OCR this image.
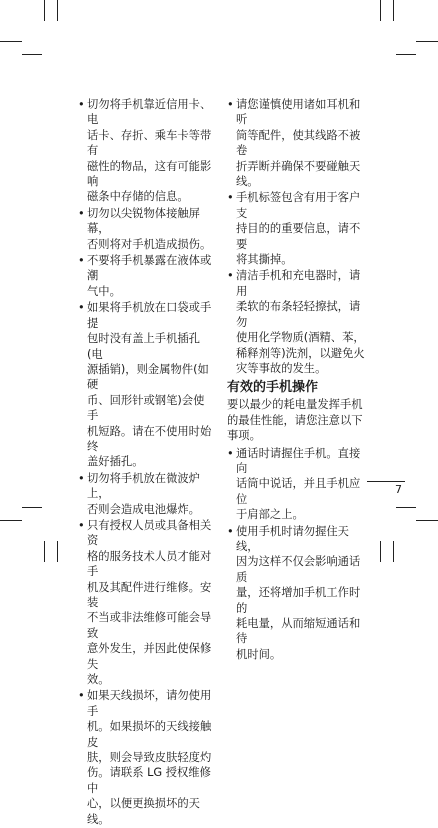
• 切勿将手机靠近信用卡、电
话卡、存折、乘车卡等带有
磁性的物品，这有可能影响
磁条中存储的信息。
• 切勿以尖锐物体接触屏幕，
否则将对手机造成损伤。
• 不要将手机暴露在液体或潮
气中。
• 如果将手机放在口袋或手提
包时没有盖上手机插孔(电
源插销)，则金属物件(如硬
币、回形针或钢笔)会使手
机短路。请在不使用时始终
盖好插孔。
• 切勿将手机放在微波炉上，
否则会造成电池爆炸。
• 只有授权人员或具备相关资
格的服务技术人员才能对手
机及其配件进行维修。安装
不当或非法维修可能会导致
意外发生，并因此使保修失
效。
• 如果天线损坏，请勿使用手
机。如果损坏的天线接触皮
肤，则会导致皮肤轻度灼
伤。请联系 LG 授权维修中
心，以便更换损坏的天线。
• 请您谨慎使用诸如耳机和听
筒等配件，使其线路不被卷
折弄断并确保不要碰触天
线。
• 手机标签包含有用于客户支
持目的的重要信息，请不要
将其撕掉。
• 清洁手机和充电器时，请用
柔软的布条轻轻擦拭，请勿
使用化学物质(酒精、苯，
稀释剂等)洗剂，以避免火
灾等事故的发生。
有效的手机操作

要以最少的耗电量发挥手机
的最佳性能，请您注意以下
事项。

• 通话时请握住手机。直接向
话筒中说话，并且手机应位
于肩部之上。
• 使用手机时请勿握住天线，
因为这样不仅会影响通话质
量，还将增加手机工作时的
耗电量，从而缩短通话和待
机时间。
7
